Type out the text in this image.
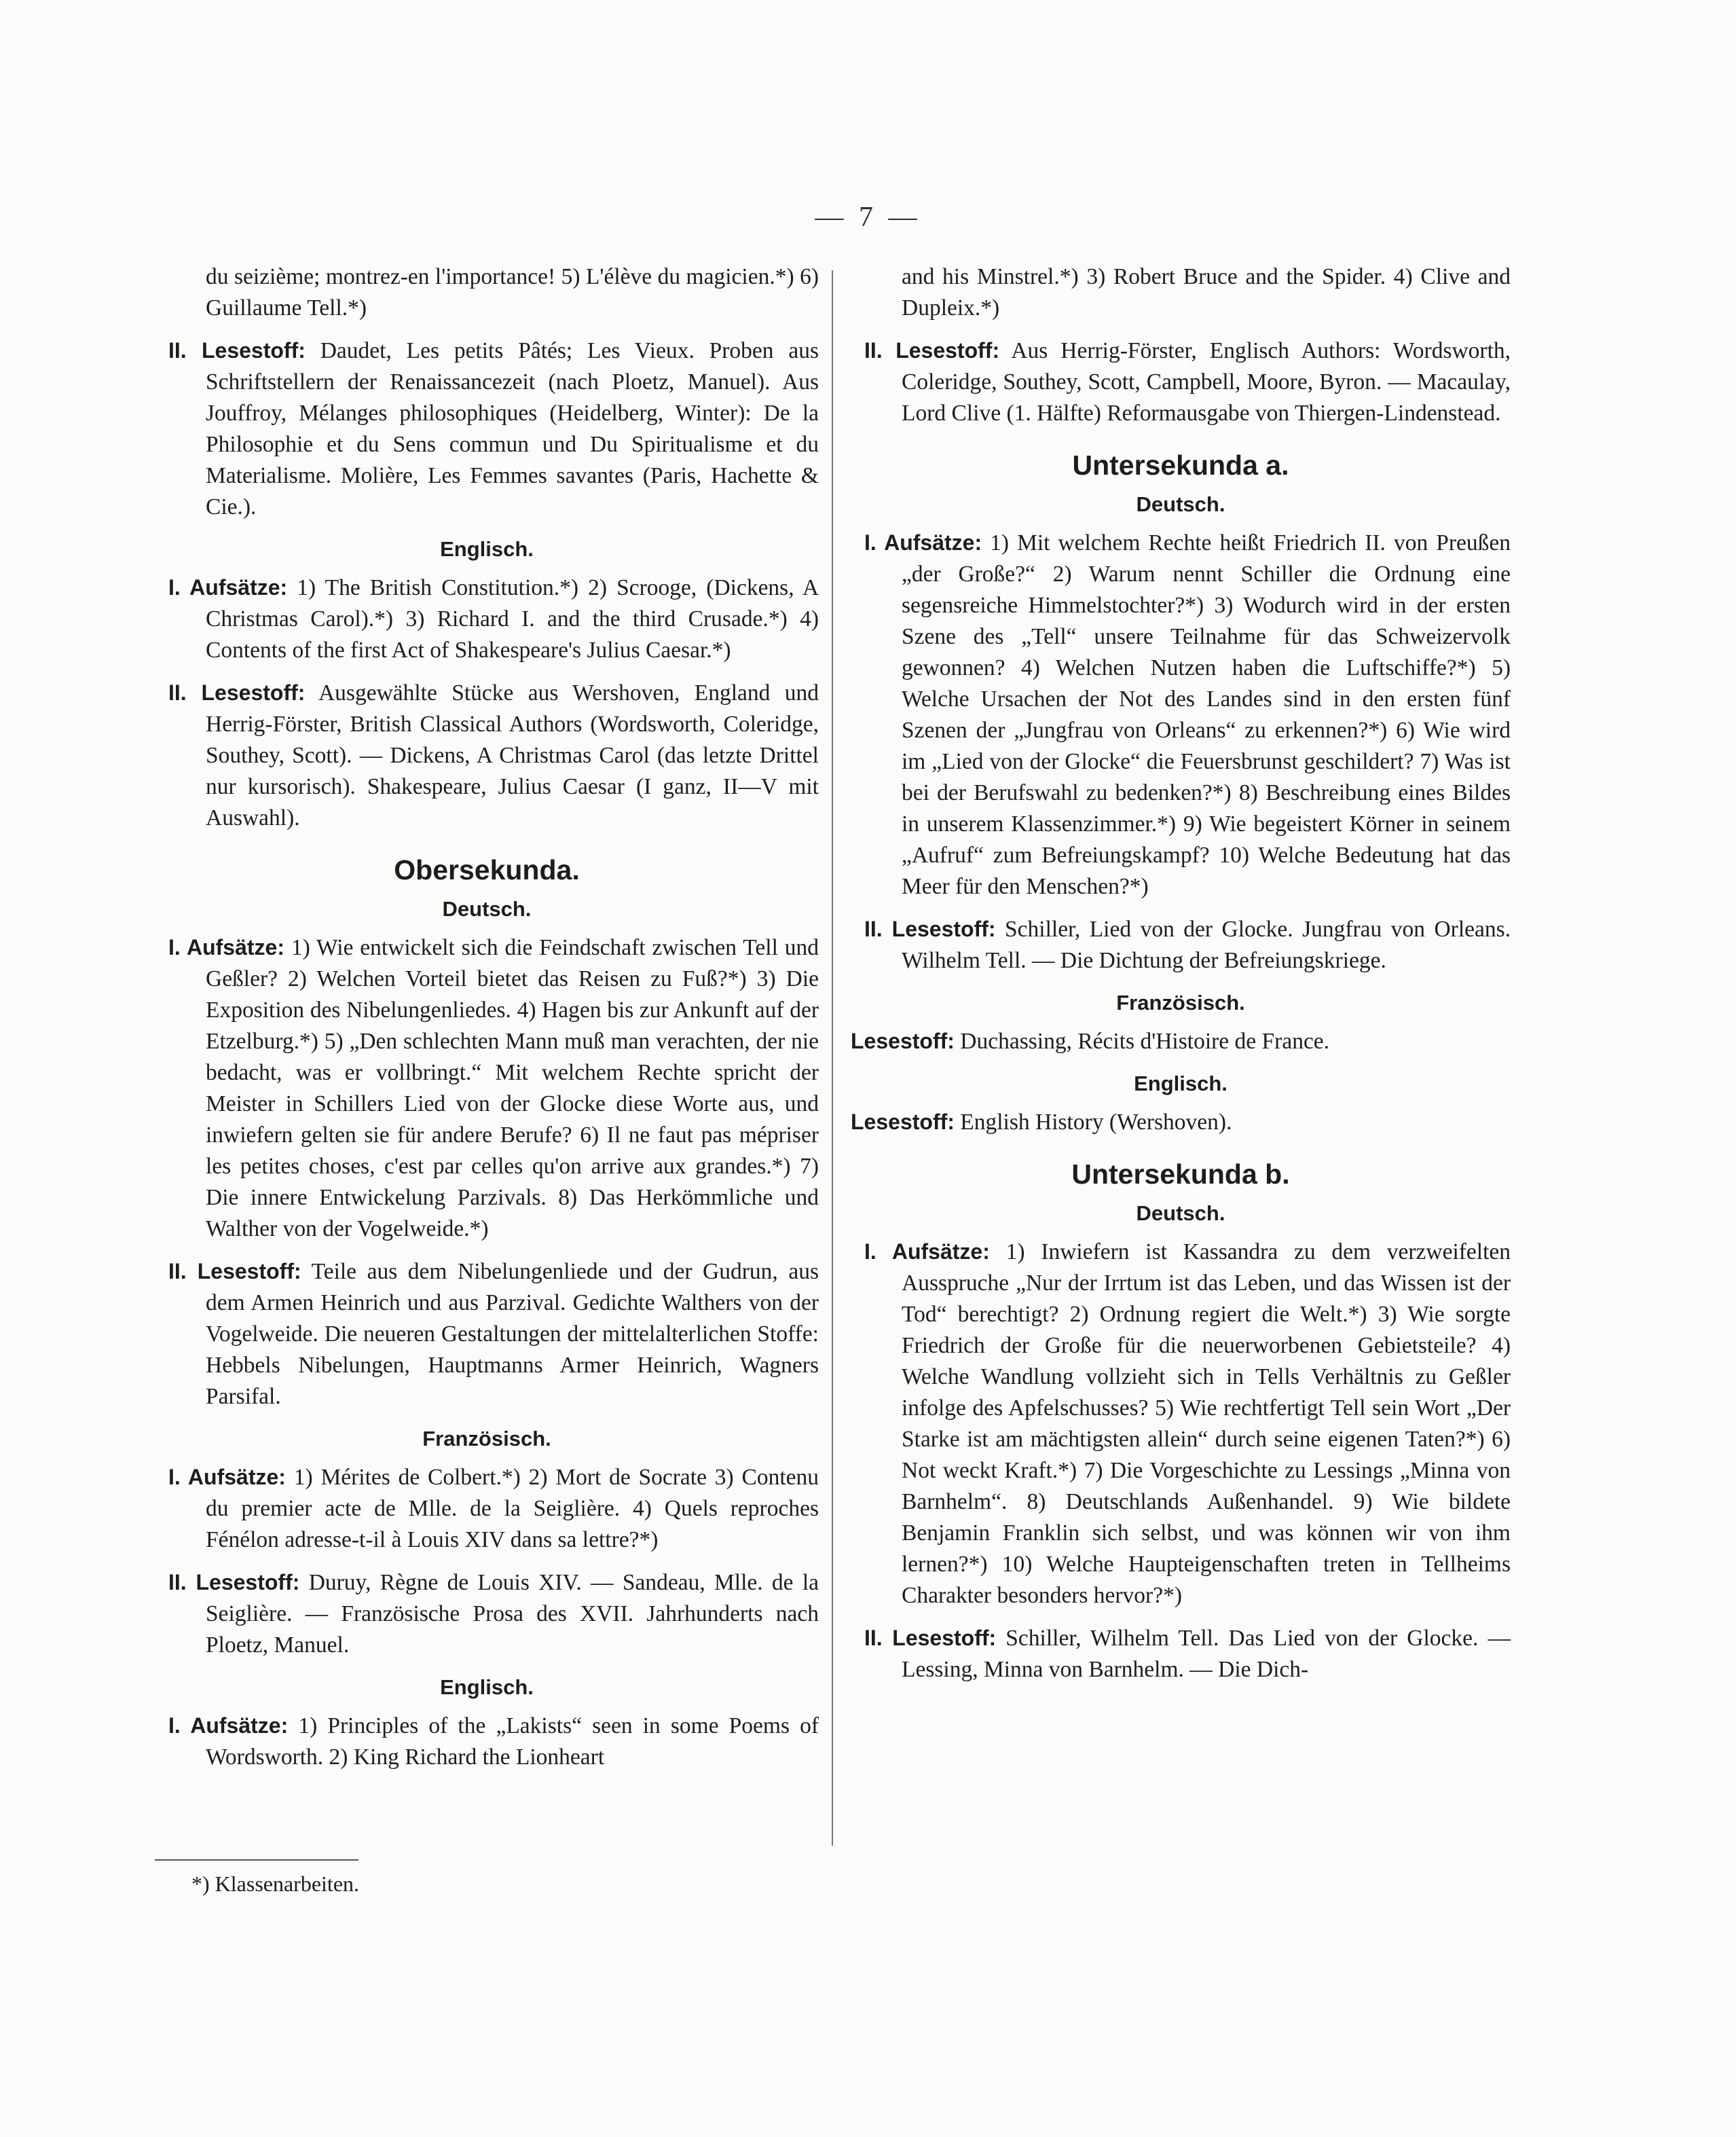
— 7 —

du seizième; montrez-en l'importance! 5) L'élève du magicien.*) 6) Guillaume Tell.*)

II. Lesestoff: Daudet, Les petits Pâtés; Les Vieux. Proben aus Schriftstellern der Renaissancezeit (nach Ploetz, Manuel). Aus Jouffroy, Mélanges philosophiques (Heidelberg, Winter): De la Philosophie et du Sens commun und Du Spiritualisme et du Materialisme. Molière, Les Femmes savantes (Paris, Hachette & Cie.).

Englisch.

I. Aufsätze: 1) The British Constitution.*) 2) Scrooge, (Dickens, A Christmas Carol).*) 3) Richard I. and the third Crusade.*) 4) Contents of the first Act of Shakespeare's Julius Caesar.*)

II. Lesestoff: Ausgewählte Stücke aus Wershoven, England und Herrig-Förster, British Classical Authors (Wordsworth, Coleridge, Southey, Scott). — Dickens, A Christmas Carol (das letzte Drittel nur kursorisch). Shakespeare, Julius Caesar (I ganz, II—V mit Auswahl).

Obersekunda.
Deutsch.

I. Aufsätze: 1) Wie entwickelt sich die Feindschaft zwischen Tell und Geßler? 2) Welchen Vorteil bietet das Reisen zu Fuß?*) 3) Die Exposition des Nibelungenliedes. 4) Hagen bis zur Ankunft auf der Etzelburg.*) 5) „Den schlechten Mann muß man verachten, der nie bedacht, was er vollbringt.“ Mit welchem Rechte spricht der Meister in Schillers Lied von der Glocke diese Worte aus, und inwiefern gelten sie für andere Berufe? 6) Il ne faut pas mépriser les petites choses, c'est par celles qu'on arrive aux grandes.*) 7) Die innere Entwickelung Parzivals. 8) Das Herkömmliche und Walther von der Vogelweide.*)

II. Lesestoff: Teile aus dem Nibelungenliede und der Gudrun, aus dem Armen Heinrich und aus Parzival. Gedichte Walthers von der Vogelweide. Die neueren Gestaltungen der mittelalterlichen Stoffe: Hebbels Nibelungen, Hauptmanns Armer Heinrich, Wagners Parsifal.

Französisch.

I. Aufsätze: 1) Mérites de Colbert.*) 2) Mort de Socrate 3) Contenu du premier acte de Mlle. de la Seiglière. 4) Quels reproches Fénélon adresse-t-il à Louis XIV dans sa lettre?*)

II. Lesestoff: Duruy, Règne de Louis XIV. — Sandeau, Mlle. de la Seiglière. — Französische Prosa des XVII. Jahrhunderts nach Ploetz, Manuel.

Englisch.

I. Aufsätze: 1) Principles of the „Lakists“ seen in some Poems of Wordsworth. 2) King Richard the Lionheart

and his Minstrel.*) 3) Robert Bruce and the Spider. 4) Clive and Dupleix.*)

II. Lesestoff: Aus Herrig-Förster, Englisch Authors: Wordsworth, Coleridge, Southey, Scott, Campbell, Moore, Byron. — Macaulay, Lord Clive (1. Hälfte) Reformausgabe von Thiergen-Lindenstead.

Untersekunda a.
Deutsch.

I. Aufsätze: 1) Mit welchem Rechte heißt Friedrich II. von Preußen „der Große?“ 2) Warum nennt Schiller die Ordnung eine segensreiche Himmelstochter?*) 3) Wodurch wird in der ersten Szene des „Tell“ unsere Teilnahme für das Schweizervolk gewonnen? 4) Welchen Nutzen haben die Luftschiffe?*) 5) Welche Ursachen der Not des Landes sind in den ersten fünf Szenen der „Jungfrau von Orleans“ zu erkennen?*) 6) Wie wird im „Lied von der Glocke“ die Feuersbrunst geschildert? 7) Was ist bei der Berufswahl zu bedenken?*) 8) Beschreibung eines Bildes in unserem Klassenzimmer.*) 9) Wie begeistert Körner in seinem „Aufruf“ zum Befreiungskampf? 10) Welche Bedeutung hat das Meer für den Menschen?*)

II. Lesestoff: Schiller, Lied von der Glocke. Jungfrau von Orleans. Wilhelm Tell. — Die Dichtung der Befreiungskriege.

Französisch.

Lesestoff: Duchassing, Récits d'Histoire de France.

Englisch.

Lesestoff: English History (Wershoven).

Untersekunda b.
Deutsch.

I. Aufsätze: 1) Inwiefern ist Kassandra zu dem verzweifelten Ausspruche „Nur der Irrtum ist das Leben, und das Wissen ist der Tod“ berechtigt? 2) Ordnung regiert die Welt.*) 3) Wie sorgte Friedrich der Große für die neuerworbenen Gebietsteile? 4) Welche Wandlung vollzieht sich in Tells Verhältnis zu Geßler infolge des Apfelschusses? 5) Wie rechtfertigt Tell sein Wort „Der Starke ist am mächtigsten allein“ durch seine eigenen Taten?*) 6) Not weckt Kraft.*) 7) Die Vorgeschichte zu Lessings „Minna von Barnhelm“. 8) Deutschlands Außenhandel. 9) Wie bildete Benjamin Franklin sich selbst, und was können wir von ihm lernen?*) 10) Welche Haupteigenschaften treten in Tellheims Charakter besonders hervor?*)

II. Lesestoff: Schiller, Wilhelm Tell. Das Lied von der Glocke. — Lessing, Minna von Barnhelm. — Die Dich-

*) Klassenarbeiten.
